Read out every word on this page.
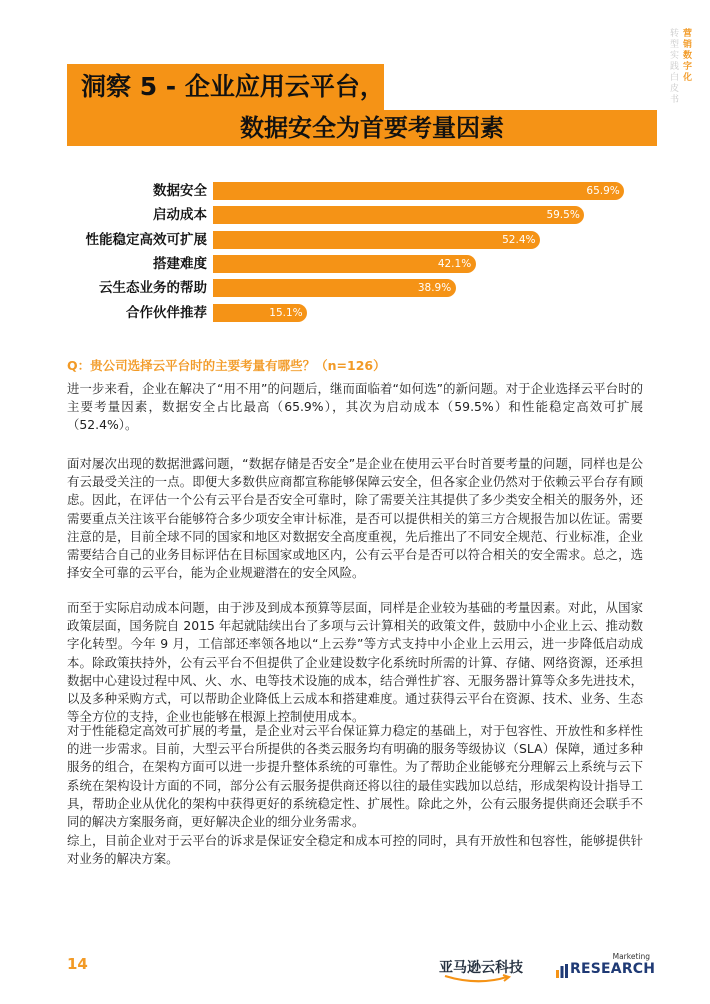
营销数字化
转型实践白皮书
洞察 5 - 企业应用云平台，
数据安全为首要考量因素
数据安全	65.9%
启动成本	59.5%
性能稳定高效可扩展	52.4%
搭建难度	42.1%
云生态业务的帮助	38.9%
合作伙伴推荐	15.1%
Q：贵公司选择云平台时的主要考量有哪些？（n=126）
进一步来看，企业在解决了“用不用”的问题后，继而面临着“如何选”的新问题。对于企业选择云平台时的主要考量因素，数据安全占比最高（65.9%），其次为启动成本（59.5%）和性能稳定高效可扩展（52.4%）。
面对屡次出现的数据泄露问题，“数据存储是否安全”是企业在使用云平台时首要考量的问题，同样也是公有云最受关注的一点。即便大多数供应商都宣称能够保障云安全，但各家企业仍然对于依赖云平台存有顾虑。因此，在评估一个公有云平台是否安全可靠时，除了需要关注其提供了多少类安全相关的服务外，还需要重点关注该平台能够符合多少项安全审计标准，是否可以提供相关的第三方合规报告加以佐证。需要注意的是，目前全球不同的国家和地区对数据安全高度重视，先后推出了不同安全规范、行业标准，企业需要结合自己的业务目标评估在目标国家或地区内，公有云平台是否可以符合相关的安全需求。总之，选择安全可靠的云平台，能为企业规避潜在的安全风险。
而至于实际启动成本问题，由于涉及到成本预算等层面，同样是企业较为基础的考量因素。对此，从国家政策层面，国务院自 2015 年起就陆续出台了多项与云计算相关的政策文件，鼓励中小企业上云、推动数字化转型。今年 9 月，工信部还率领各地以“上云券”等方式支持中小企业上云用云，进一步降低启动成本。除政策扶持外，公有云平台不但提供了企业建设数字化系统时所需的计算、存储、网络资源，还承担数据中心建设过程中风、火、水、电等技术设施的成本，结合弹性扩容、无服务器计算等众多先进技术，以及多种采购方式，可以帮助企业降低上云成本和搭建难度。通过获得云平台在资源、技术、业务、生态等全方位的支持，企业也能够在根源上控制使用成本。
对于性能稳定高效可扩展的考量，是企业对云平台保证算力稳定的基础上，对于包容性、开放性和多样性的进一步需求。目前，大型云平台所提供的各类云服务均有明确的服务等级协议（SLA）保障，通过多种服务的组合，在架构方面可以进一步提升整体系统的可靠性。为了帮助企业能够充分理解云上系统与云下系统在架构设计方面的不同，部分公有云服务提供商还将以往的最佳实践加以总结，形成架构设计指导工具，帮助企业从优化的架构中获得更好的系统稳定性、扩展性。除此之外，公有云服务提供商还会联手不同的解决方案服务商，更好解决企业的细分业务需求。
综上，目前企业对于云平台的诉求是保证安全稳定和成本可控的同时，具有开放性和包容性，能够提供针对业务的解决方案。
14	亚马逊云科技
Marketing
RESEARCH
